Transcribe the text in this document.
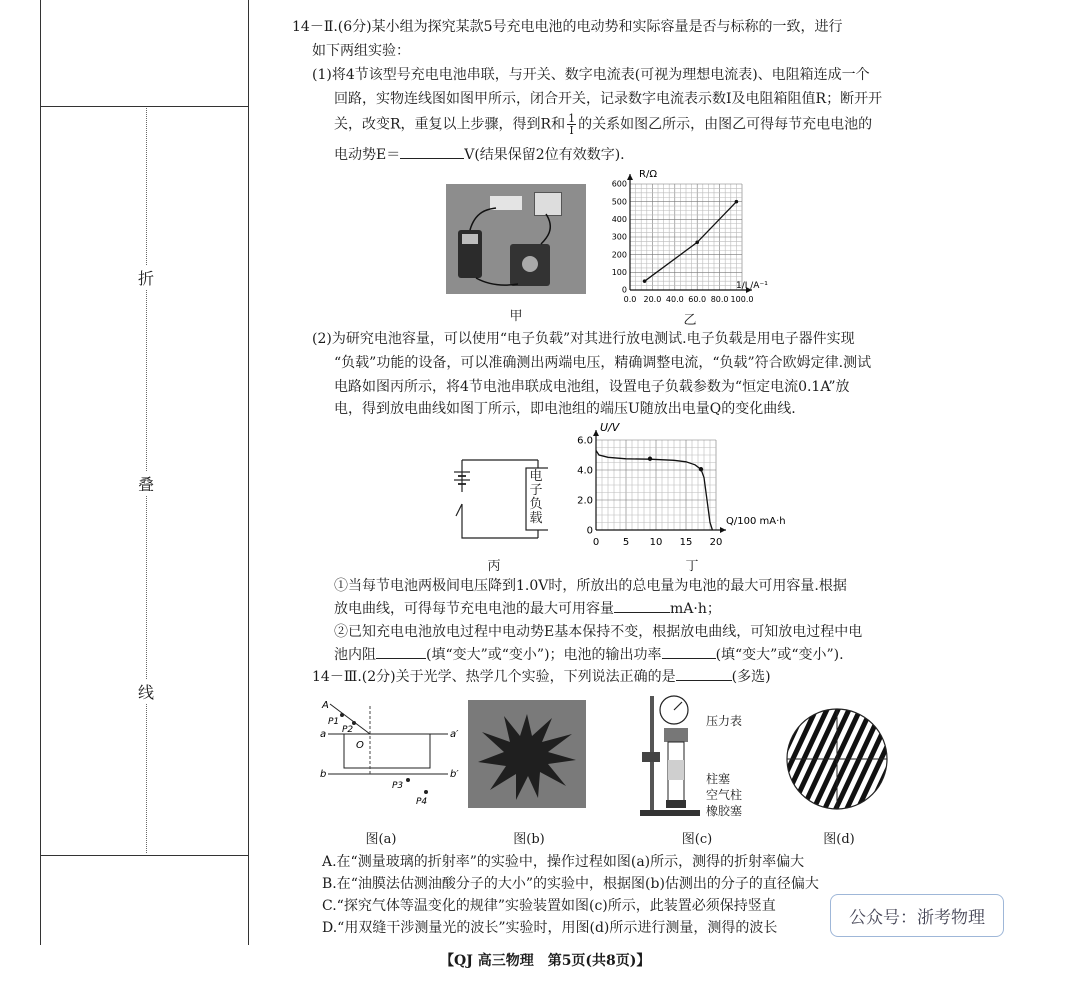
折
叠
线
14－Ⅱ.(6分)某小组为探究某款5号充电电池的电动势和实际容量是否与标称的一致，进行
如下两组实验：
(1)将4节该型号充电电池串联，与开关、数字电流表(可视为理想电流表)、电阻箱连成一个
回路，实物连线图如图甲所示，闭合开关，记录数字电流表示数I及电阻箱阻值R；断开开
关，改变R，重复以上步骤，得到R和 $\frac{1}{I}$ 的关系如图乙所示，由图乙可得每节充电电池的
电动势E＝	V(结果保留2位有效数字).
甲
0.0 20.0 40.0 60.0 80.0 100.0
0
100
200
300
400
500
600
R/Ω
1/I /A⁻¹
乙
(2)为研究电池容量，可以使用“电子负载”对其进行放电测试.电子负载是用电子器件实现
“负载”功能的设备，可以准确测出两端电压，精确调整电流，“负载”符合欧姆定律.测试
电路如图丙所示，将4节电池串联成电池组，设置电子负载参数为“恒定电流0.1A”放
电，得到放电曲线如图丁所示，即电池组的端压U随放出电量Q的变化曲线.
电子负载
丙
0 5 10 15 20
0
2.0
4.0
6.0
U/V
Q/100 mA·h
丁
①当每节电池两极间电压降到1.0V时，所放出的总电量为电池的最大可用容量.根据
放电曲线，可得每节充电电池的最大可用容量	mA·h；
②已知充电电池放电过程中电动势E基本保持不变，根据放电曲线，可知放电过程中电
池内阻	(填“变大”或“变小”)；电池的输出功率	(填“变大”或“变小”).
14－Ⅲ.(2分)关于光学、热学几个实验，下列说法正确的是	(多选)
A
P1
P2
O
a	a′
b	b′
P3
P4
图(a)	图(b)
压力表
柱塞
空气柱
橡胶塞
图(c)	图(d)
A.在“测量玻璃的折射率”的实验中，操作过程如图(a)所示，测得的折射率偏大
B.在“油膜法估测油酸分子的大小”的实验中，根据图(b)估测出的分子的直径偏大
C.“探究气体等温变化的规律”实验装置如图(c)所示，此装置必须保持竖直
D.“用双缝干涉测量光的波长”实验时，用图(d)所示进行测量，测得的波长	公众号：浙考物理
【QJ 高三物理　第5页(共8页)】
